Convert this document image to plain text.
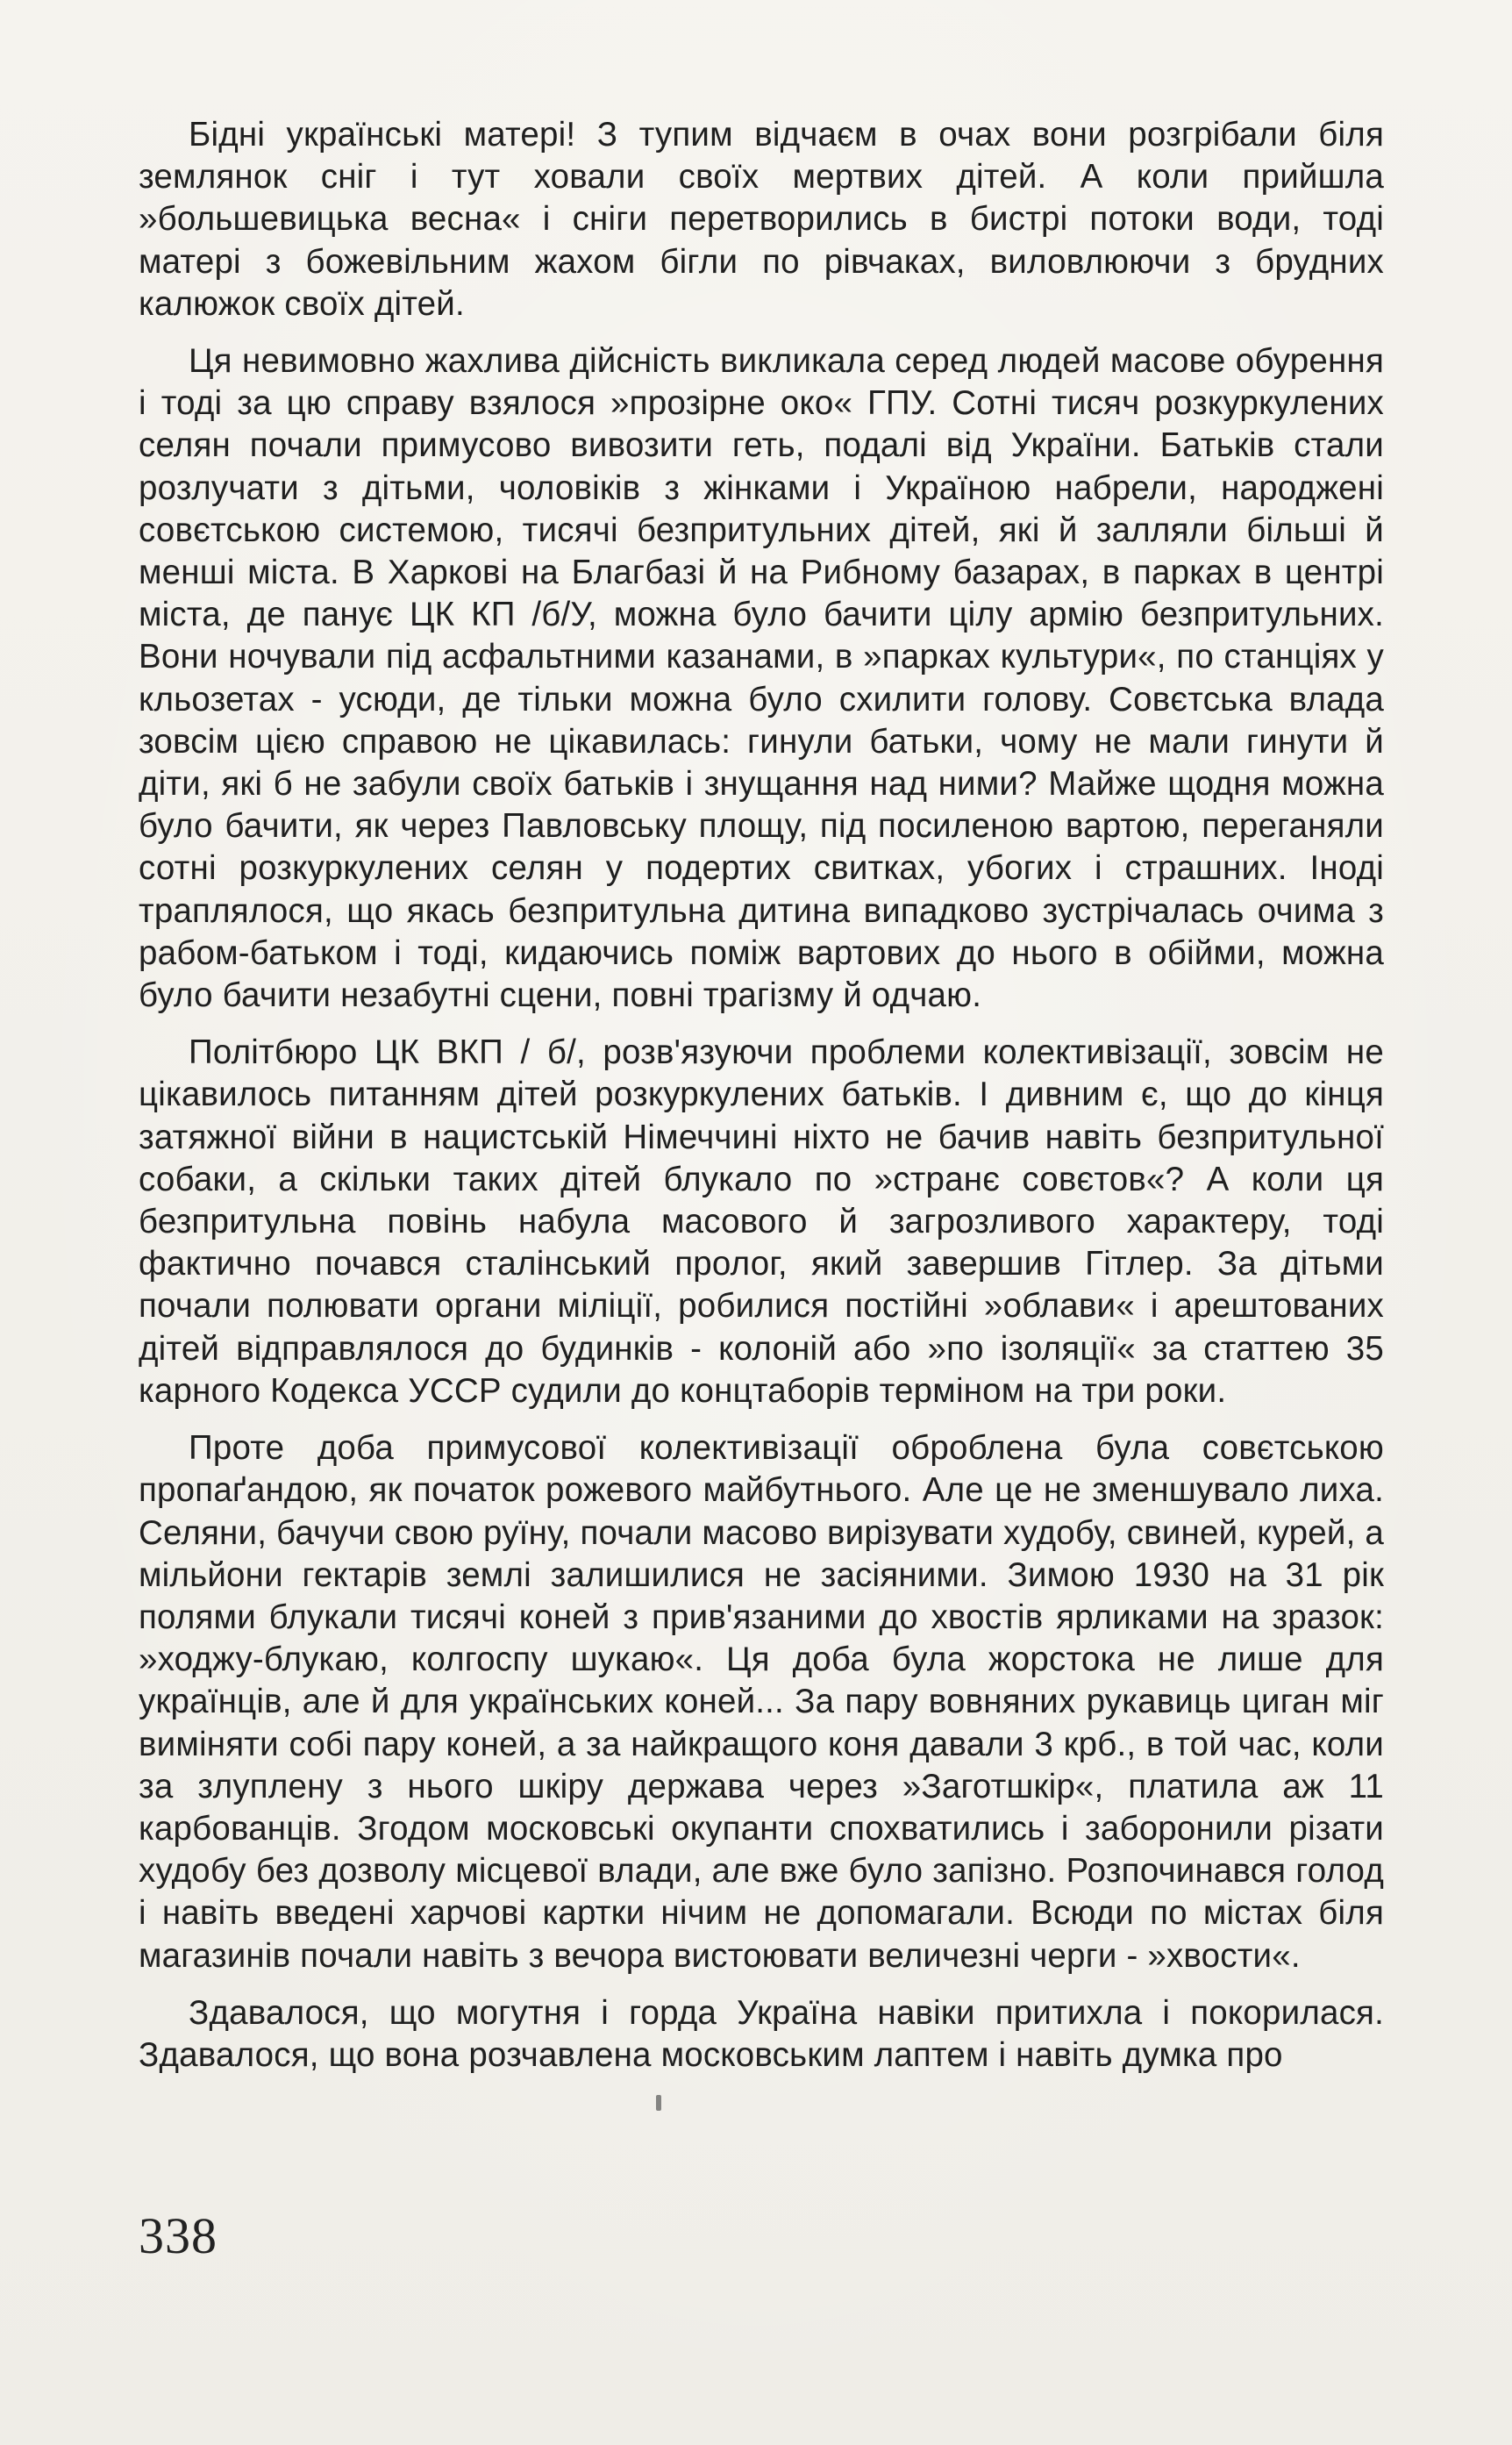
Бідні українські матері! З тупим відчаєм в очах вони розгрібали біля землянок сніг і тут ховали своїх мертвих дітей. А коли прийшла »большевицька весна« і сніги перетворились в бистрі потоки води, тоді матері з божевільним жахом бігли по рівчаках, виловлюючи з брудних калюжок своїх дітей.

Ця невимовно жахлива дійсність викликала серед людей масове обурення і тоді за цю справу взялося »прозірне око« ГПУ. Сотні тисяч розкуркулених селян почали примусово вивозити геть, подалі від України. Батьків стали розлучати з дітьми, чоловіків з жінками і Україною набрели, народжені совєтською системою, тисячі безпритульних дітей, які й залляли більші й менші міста. В Харкові на Благбазі й на Рибному базарах, в парках в центрі міста, де панує ЦК КП /б/У, можна було бачити цілу армію безпритульних. Вони ночували під асфальтними казанами, в »парках культури«, по станціях у кльозетах - усюди, де тільки можна було схилити голову. Совєтська влада зовсім цією справою не цікавилась: гинули батьки, чому не мали гинути й діти, які б не забули своїх батьків і знущання над ними? Майже щодня можна було бачити, як через Павловську площу, під посиленою вартою, переганяли сотні розкуркулених селян у подертих свитках, убогих і страшних. Іноді траплялося, що якась безпритульна дитина випадково зустрічалась очима з рабом-батьком і тоді, кидаючись поміж вартових до нього в обійми, можна було бачити незабутні сцени, повні трагізму й одчаю.

Політбюро ЦК ВКП / б/, розв'язуючи проблеми колективізації, зовсім не цікавилось питанням дітей розкуркулених батьків. І дивним є, що до кінця затяжної війни в нацистській Німеччині ніхто не бачив навіть безпритульної собаки, а скільки таких дітей блукало по »странє совєтов«? А коли ця безпритульна повінь набула масового й загрозливого характеру, тоді фактично почався сталінський пролог, який завершив Гітлер. За дітьми почали полювати органи міліції, робилися постійні »облави« і арештованих дітей відправлялося до будинків - колоній або »по ізоляції« за статтею 35 карного Кодекса УССР судили до концтаборів терміном на три роки.

Проте доба примусової колективізації оброблена була совєтською пропаґандою, як початок рожевого майбутнього. Але це не зменшувало лиха. Селяни, бачучи свою руїну, почали масово вирізувати худобу, свиней, курей, а мільйони гектарів землі залишилися не засіяними. Зимою 1930 на 31 рік полями блукали тисячі коней з прив'язаними до хвостів ярликами на зразок: »ходжу-блукаю, колгоспу шукаю«. Ця доба була жорстока не лише для українців, але й для українських коней... За пару вовняних рукавиць циган міг виміняти собі пару коней, а за найкращого коня давали 3 крб., в той час, коли за злуплену з нього шкіру держава через »Заготшкір«, платила аж 11 карбованців. Згодом московські окупанти спохватились і заборонили різати худобу без дозволу місцевої влади, але вже було запізно. Розпочинався голод і навіть введені харчові картки нічим не допомагали. Всюди по містах біля магазинів почали навіть з вечора вистоювати величезні черги - »хвости«.

Здавалося, що могутня і горда Україна навіки притихла і покорилася. Здавалося, що вона розчавлена московським лаптем і навіть думка про

338
